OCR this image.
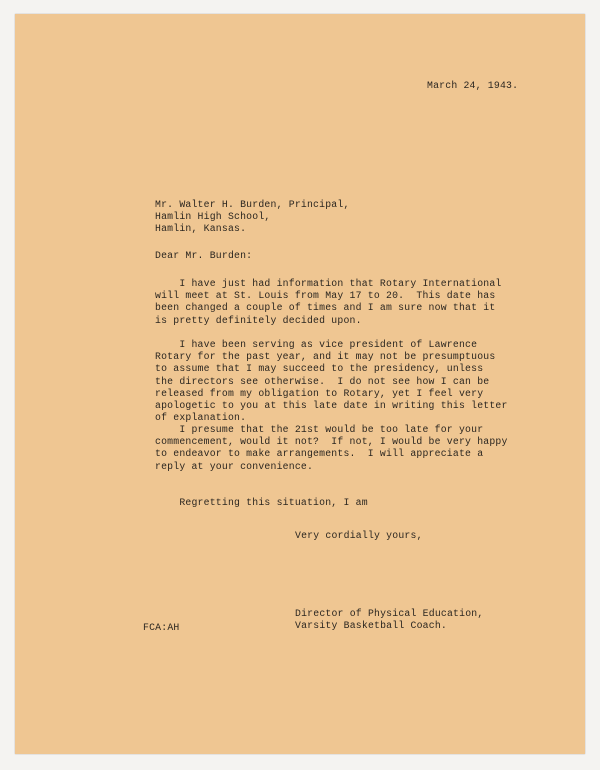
March 24, 1943.
Mr. Walter H. Burden, Principal,
Hamlin High School,
Hamlin, Kansas.
Dear Mr. Burden:
I have just had information that Rotary International
will meet at St. Louis from May 17 to 20.  This date has
been changed a couple of times and I am sure now that it
is pretty definitely decided upon.
I have been serving as vice president of Lawrence
Rotary for the past year, and it may not be presumptuous
to assume that I may succeed to the presidency, unless
the directors see otherwise.  I do not see how I can be
released from my obligation to Rotary, yet I feel very
apologetic to you at this late date in writing this letter
of explanation.
I presume that the 21st would be too late for your
commencement, would it not?  If not, I would be very happy
to endeavor to make arrangements.  I will appreciate a
reply at your convenience.
Regretting this situation, I am
Very cordially yours,
Director of Physical Education,
Varsity Basketball Coach.
FCA:AH
